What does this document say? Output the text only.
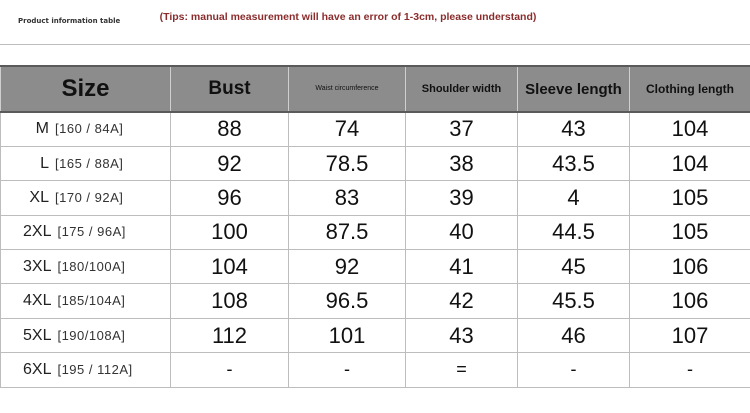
Product information table	(Tips: manual measurement will have an error of 1-3cm, please understand)
Size	Bust	Waist circumference	Shoulder width	Sleeve length	Clothing length
M [160 / 84A]	88	74	37	43	104
L [165 / 88A]	92	78.5	38	43.5	104
XL [170 / 92A]	96	83	39	4	105
2XL [175 / 96A]	100	87.5	40	44.5	105
3XL [180/100A]	104	92	41	45	106
4XL [185/104A]	108	96.5	42	45.5	106
5XL [190/108A]	112	101	43	46	107
6XL [195 / 112A]	-	-	=	-	-
